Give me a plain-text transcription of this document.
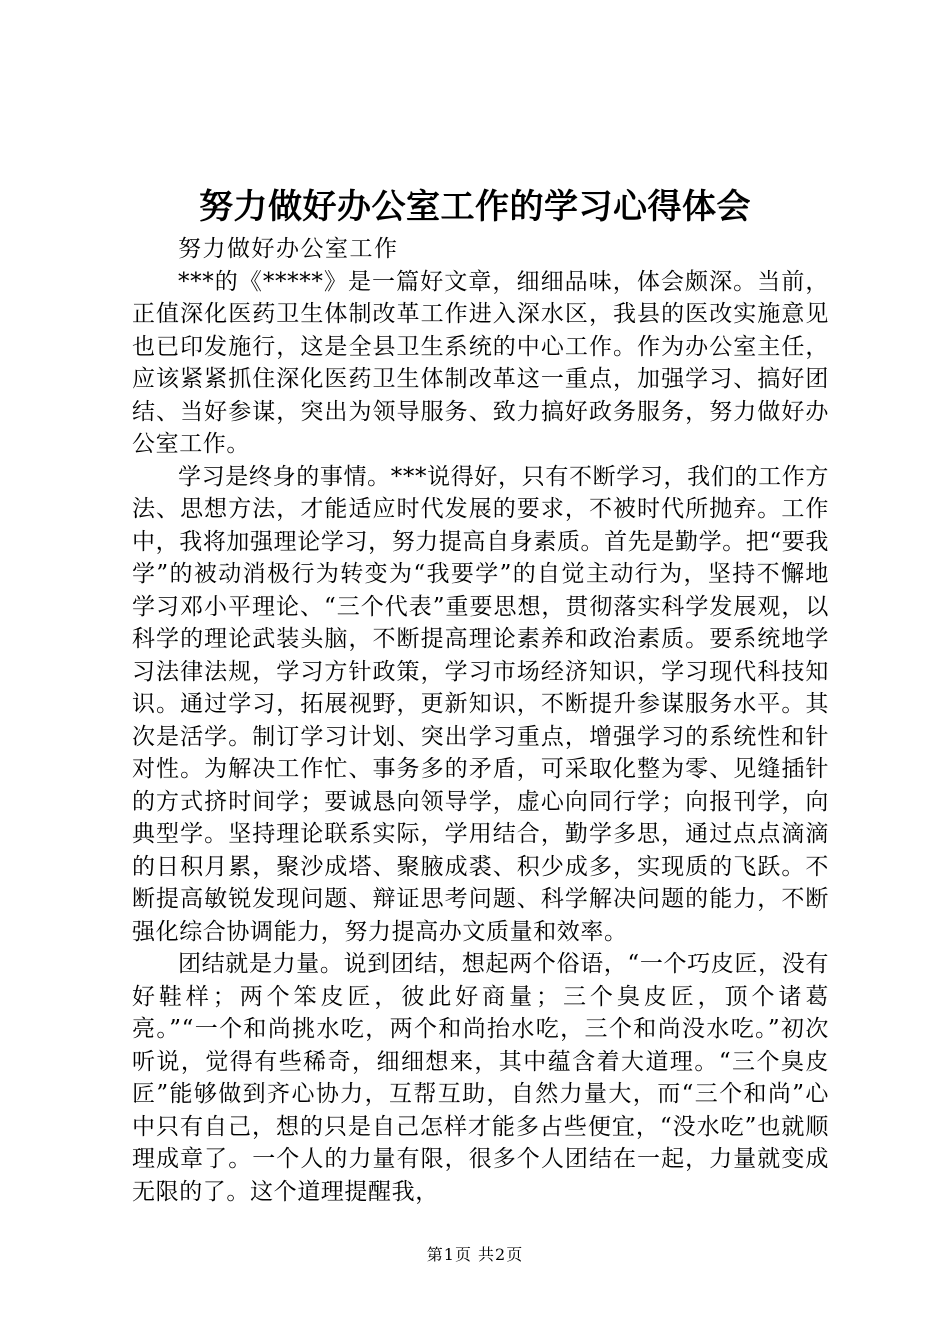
努力做好办公室工作的学习心得体会

努力做好办公室工作

***的《*****》是一篇好文章，细细品味，体会颇深。当前，正值深化医药卫生体制改革工作进入深水区，我县的医改实施意见也已印发施行，这是全县卫生系统的中心工作。作为办公室主任，应该紧紧抓住深化医药卫生体制改革这一重点，加强学习、搞好团结、当好参谋，突出为领导服务、致力搞好政务服务，努力做好办公室工作。

学习是终身的事情。***说得好，只有不断学习，我们的工作方法、思想方法，才能适应时代发展的要求，不被时代所抛弃。工作中，我将加强理论学习，努力提高自身素质。首先是勤学。把“要我学”的被动消极行为转变为“我要学”的自觉主动行为，坚持不懈地学习邓小平理论、“三个代表”重要思想，贯彻落实科学发展观，以科学的理论武装头脑，不断提高理论素养和政治素质。要系统地学习法律法规，学习方针政策，学习市场经济知识，学习现代科技知识。通过学习，拓展视野，更新知识，不断提升参谋服务水平。其次是活学。制订学习计划、突出学习重点，增强学习的系统性和针对性。为解决工作忙、事务多的矛盾，可采取化整为零、见缝插针的方式挤时间学；要诚恳向领导学，虚心向同行学；向报刊学，向典型学。坚持理论联系实际，学用结合，勤学多思，通过点点滴滴的日积月累，聚沙成塔、聚腋成裘、积少成多，实现质的飞跃。不断提高敏锐发现问题、辩证思考问题、科学解决问题的能力，不断强化综合协调能力，努力提高办文质量和效率。

团结就是力量。说到团结，想起两个俗语，“一个巧皮匠，没有好鞋样；两个笨皮匠，彼此好商量；三个臭皮匠，顶个诸葛亮。”“一个和尚挑水吃，两个和尚抬水吃，三个和尚没水吃。”初次听说，觉得有些稀奇，细细想来，其中蕴含着大道理。“三个臭皮匠”能够做到齐心协力，互帮互助，自然力量大，而“三个和尚”心中只有自己，想的只是自己怎样才能多占些便宜，“没水吃”也就顺理成章了。一个人的力量有限，很多个人团结在一起，力量就变成无限的了。这个道理提醒我，

第1页 共2页
